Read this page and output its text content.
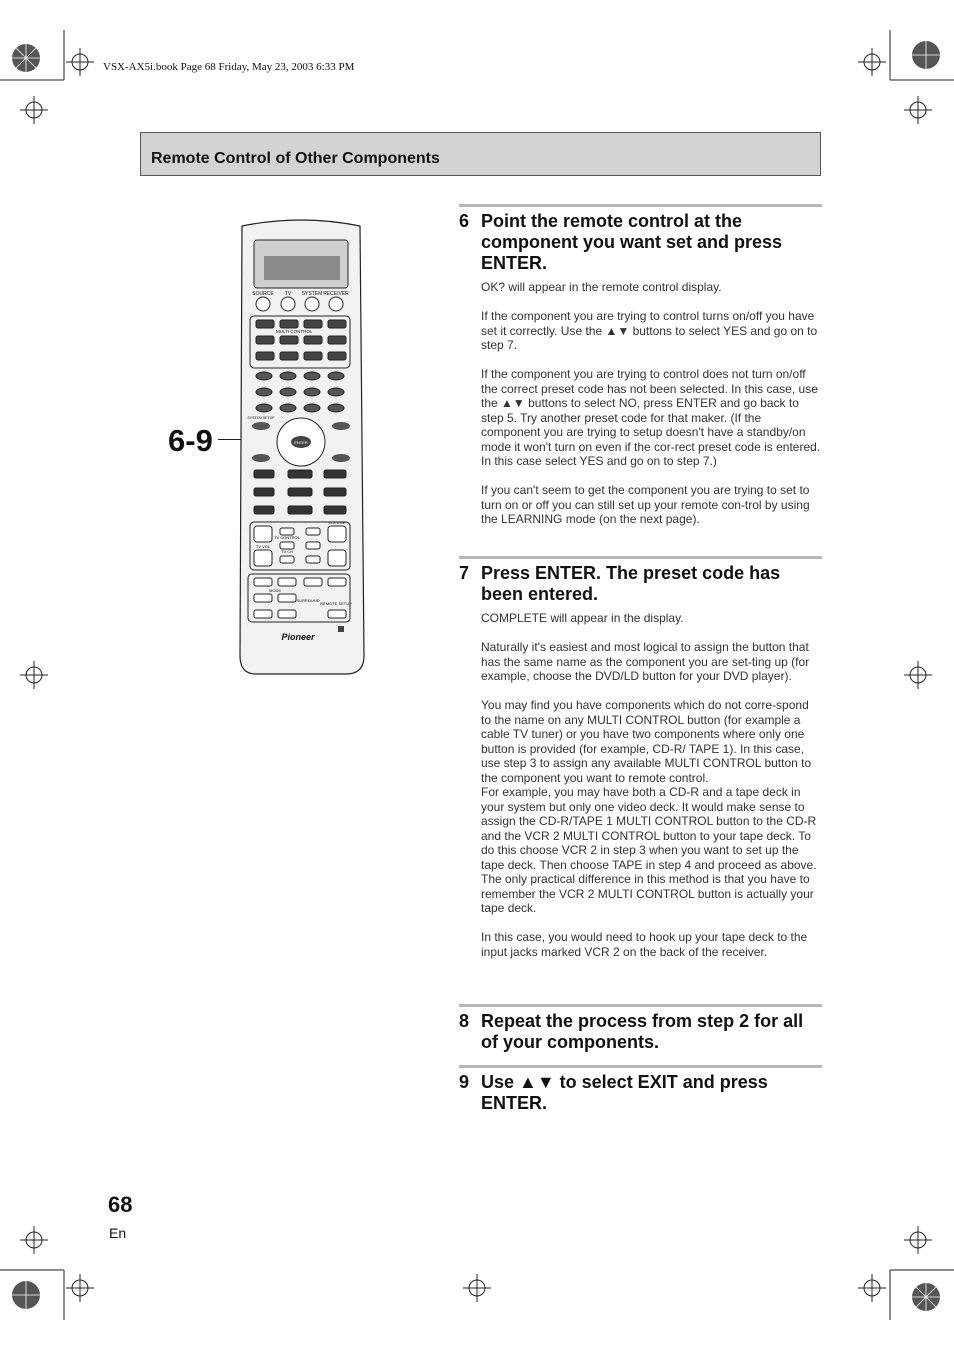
VSX-AX5i.book Page 68 Friday, May 23, 2003 6:33 PM
Remote Control of Other Components
6-9
SOURCE TV SYSTEM RECEIVER
MULTI CONTROL
ENTER
SYSTEM SETUP
TV VOL
TV CH
VOLUME
TV CONTROL
MODE
SURROUND
REMOTE SETUP
Pioneer
6 Point the remote control at the component you want set and press ENTER.

OK? will appear in the remote control display.

If the component you are trying to control turns on/off you have set it correctly. Use the ▲▼ buttons to select YES and go on to step 7.

If the component you are trying to control does not turn on/off the correct preset code has not been selected. In this case, use the ▲▼ buttons to select NO, press ENTER and go back to step 5. Try another preset code for that maker. (If the component you are trying to setup doesn't have a standby/on mode it won't turn on even if the cor-rect preset code is entered. In this case select YES and go on to step 7.)

If you can't seem to get the component you are trying to set to turn on or off you can still set up your remote con-trol by using the LEARNING mode (on the next page).

7 Press ENTER. The preset code has been entered.

COMPLETE will appear in the display.

Naturally it's easiest and most logical to assign the button that has the same name as the component you are set-ting up (for example, choose the DVD/LD button for your DVD player).

You may find you have components which do not corre-spond to the name on any MULTI CONTROL button (for example a cable TV tuner) or you have two components where only one button is provided (for example, CD-R/ TAPE 1). In this case, use step 3 to assign any available MULTI CONTROL button to the component you want to remote control.

For example, you may have both a CD-R and a tape deck in your system but only one video deck. It would make sense to assign the CD-R/TAPE 1 MULTI CONTROL button to the CD-R and the VCR 2 MULTI CONTROL button to your tape deck. To do this choose VCR 2 in step 3 when you want to set up the tape deck. Then choose TAPE in step 4 and proceed as above. The only practical difference in this method is that you have to remember the VCR 2 MULTI CONTROL button is actually your tape deck.

In this case, you would need to hook up your tape deck to the input jacks marked VCR 2 on the back of the receiver.

8 Repeat the process from step 2 for all of your components.
9 Use ▲▼ to select EXIT and press ENTER.
68
En
